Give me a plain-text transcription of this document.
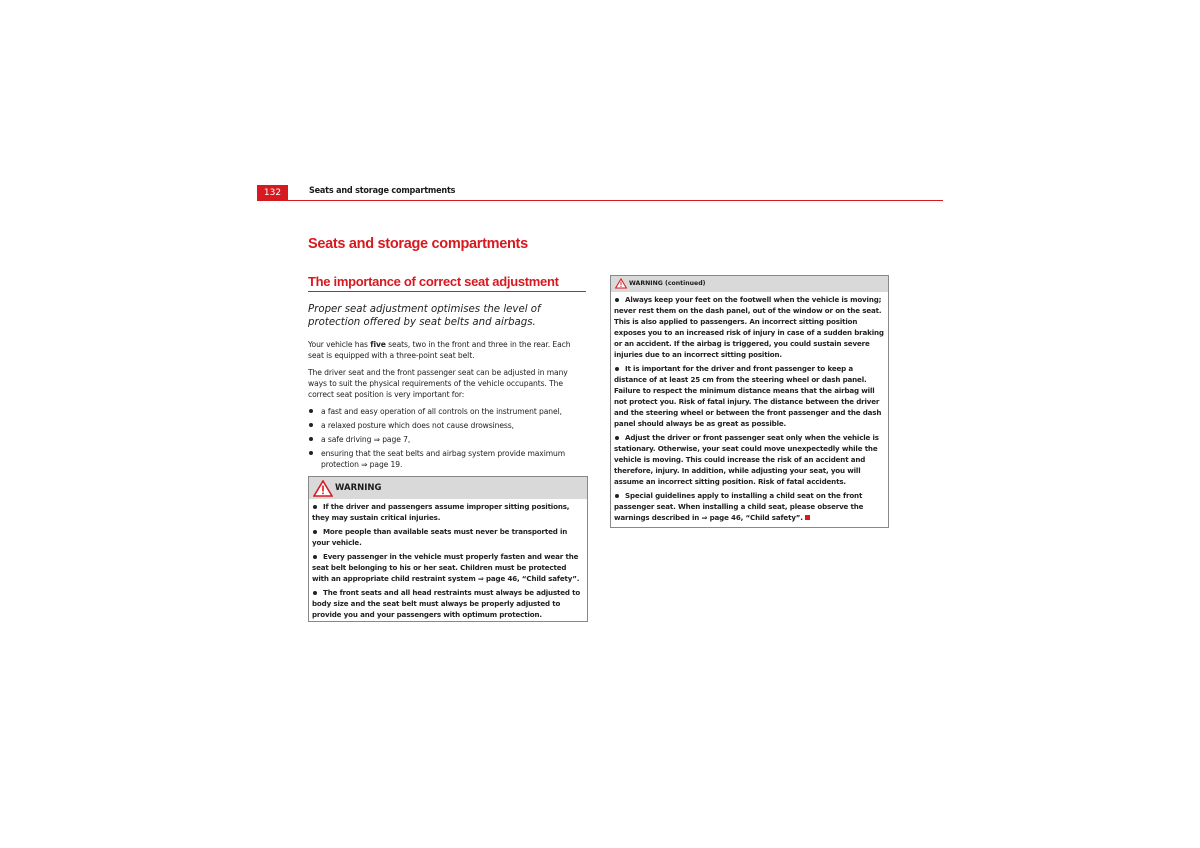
132	Seats and storage compartments
Seats and storage compartments
The importance of correct seat adjustment

Proper seat adjustment optimises the level of protection offered by seat belts and airbags.

Your vehicle has five seats, two in the front and three in the rear. Each seat is equipped with a three-point seat belt.

The driver seat and the front passenger seat can be adjusted in many ways to suit the physical requirements of the vehicle occupants. The correct seat position is very important for:

a fast and easy operation of all controls on the instrument panel,
a relaxed posture which does not cause drowsiness,
a safe driving ⇒ page 7,
ensuring that the seat belts and airbag system provide maximum protection ⇒ page 19.
WARNING

If the driver and passengers assume improper sitting positions, they may sustain critical injuries.

More people than available seats must never be transported in your vehicle.

Every passenger in the vehicle must properly fasten and wear the seat belt belonging to his or her seat. Children must be protected with an appropriate child restraint system ⇒ page 46, “Child safety”.

The front seats and all head restraints must always be adjusted to body size and the seat belt must always be properly adjusted to provide you and your passengers with optimum protection.

WARNING (continued)

Always keep your feet on the footwell when the vehicle is moving; never rest them on the dash panel, out of the window or on the seat. This is also applied to passengers. An incorrect sitting position exposes you to an increased risk of injury in case of a sudden braking or an accident. If the airbag is triggered, you could sustain severe injuries due to an incorrect sitting position.

It is important for the driver and front passenger to keep a distance of at least 25 cm from the steering wheel or dash panel. Failure to respect the minimum distance means that the airbag will not protect you. Risk of fatal injury. The distance between the driver and the steering wheel or between the front passenger and the dash panel should always be as great as possible.

Adjust the driver or front passenger seat only when the vehicle is stationary. Otherwise, your seat could move unexpectedly while the vehicle is moving. This could increase the risk of an accident and therefore, injury. In addition, while adjusting your seat, you will assume an incorrect sitting position. Risk of fatal accidents.

Special guidelines apply to installing a child seat on the front passenger seat. When installing a child seat, please observe the warnings described in ⇒ page 46, “Child safety”.
